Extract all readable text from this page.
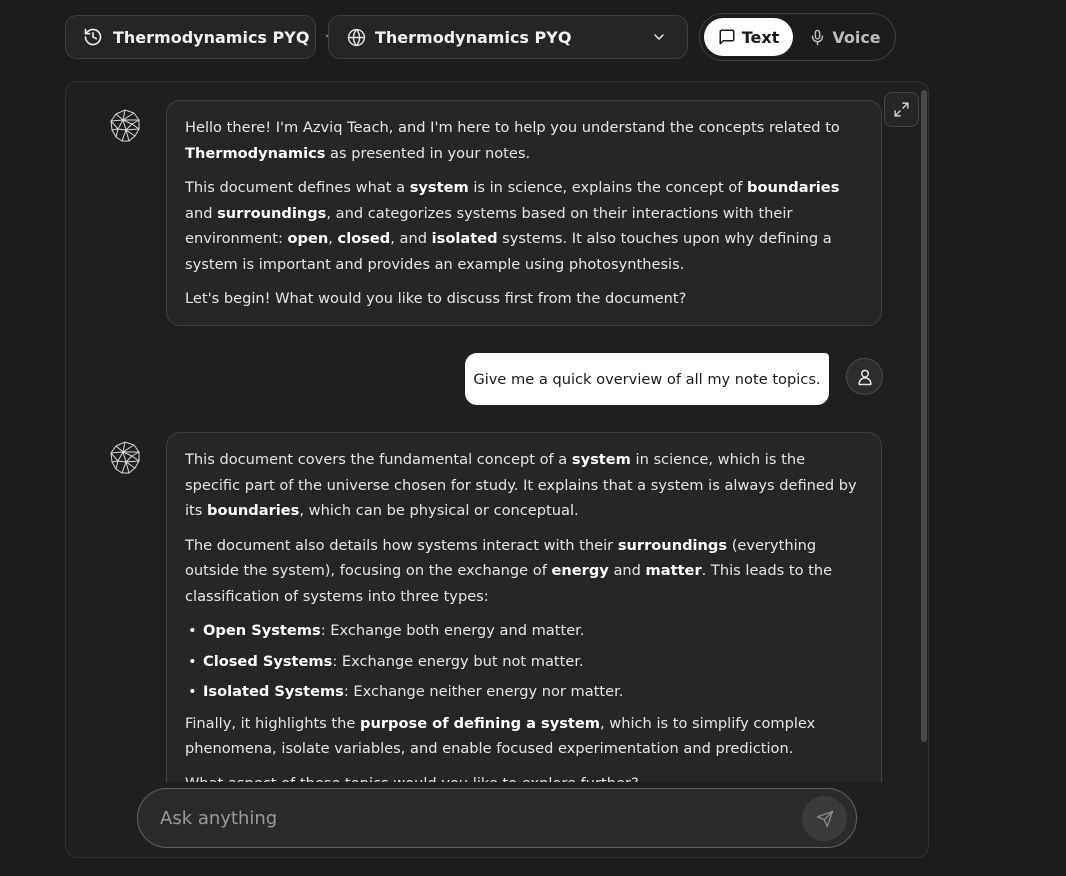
Thermodynamics PYQ	Thermodynamics PYQ	Text	Voice

Hello there! I'm Azviq Teach, and I'm here to help you understand the concepts related to Thermodynamics as presented in your notes.

This document defines what a system is in science, explains the concept of boundaries and surroundings, and categorizes systems based on their interactions with their environment: open, closed, and isolated systems. It also touches upon why defining a system is important and provides an example using photosynthesis.

Let's begin! What would you like to discuss first from the document?

Give me a quick overview of all my note topics.

This document covers the fundamental concept of a system in science, which is the specific part of the universe chosen for study. It explains that a system is always defined by its boundaries, which can be physical or conceptual.

The document also details how systems interact with their surroundings (everything outside the system), focusing on the exchange of energy and matter. This leads to the classification of systems into three types:

• Open Systems: Exchange both energy and matter.
• Closed Systems: Exchange energy but not matter.
• Isolated Systems: Exchange neither energy nor matter.

Finally, it highlights the purpose of defining a system, which is to simplify complex phenomena, isolate variables, and enable focused experimentation and prediction.

Ask anything
